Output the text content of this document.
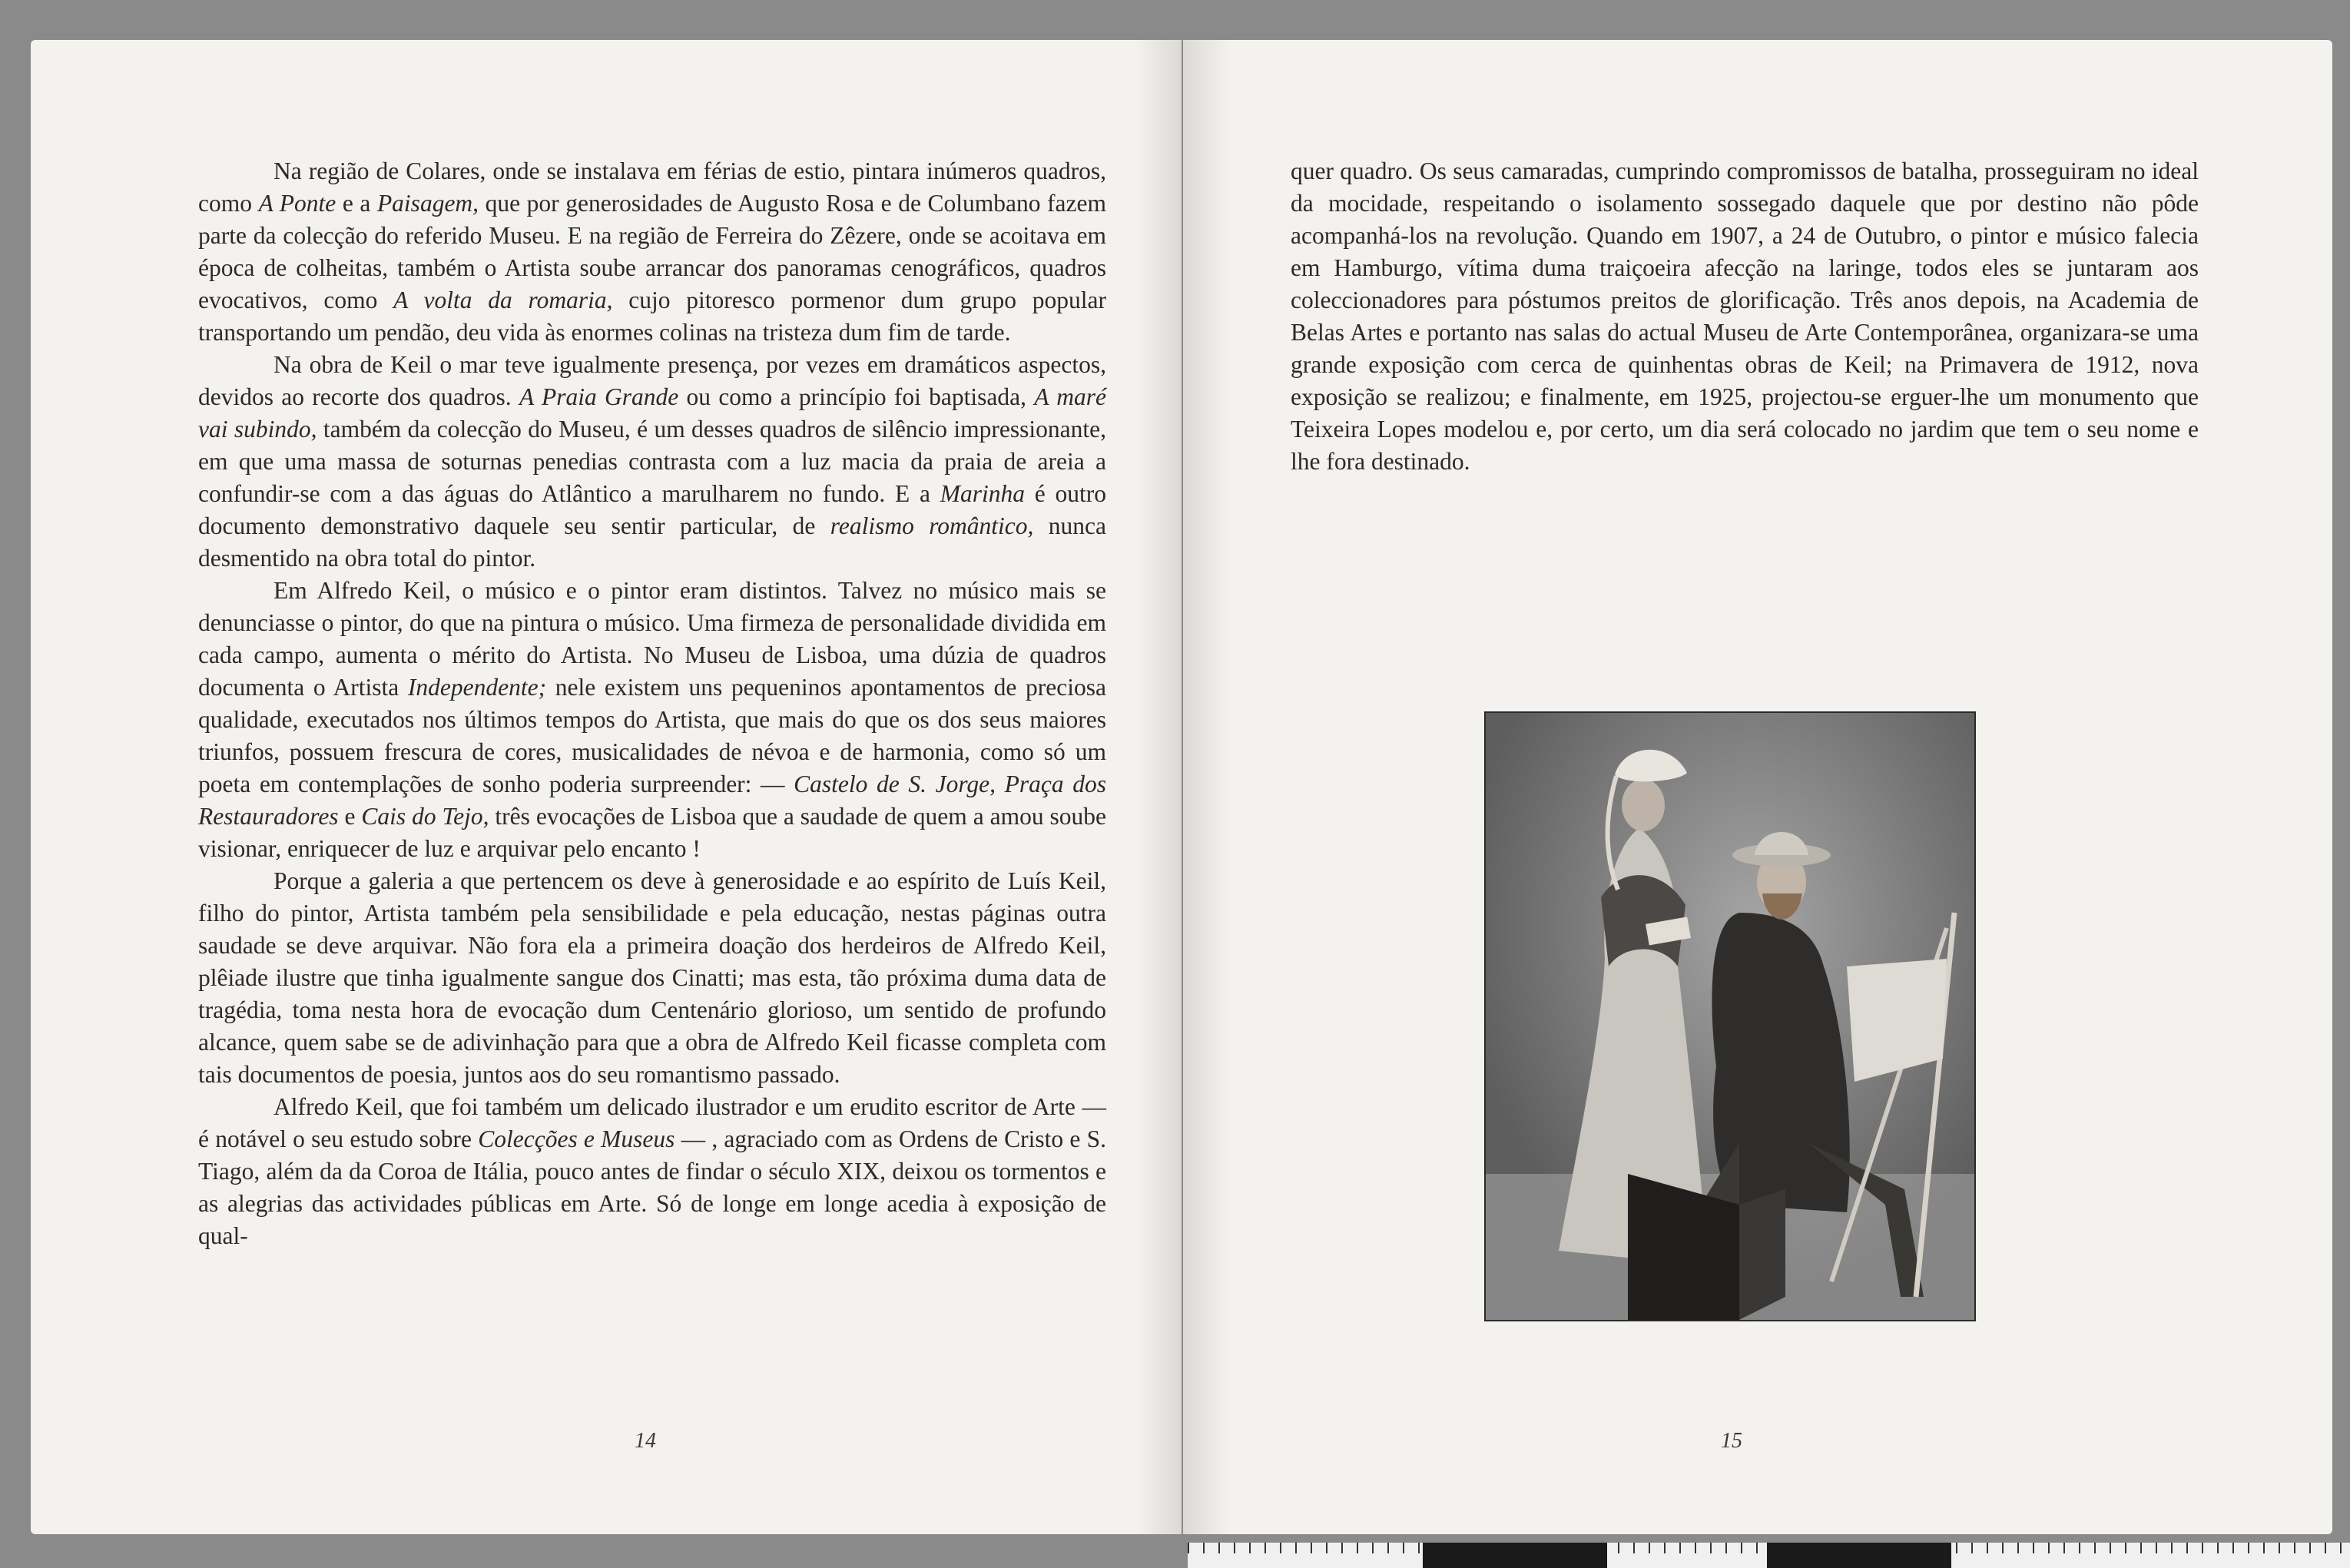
Na região de Colares, onde se instalava em férias de estio, pintara inúmeros quadros, como A Ponte e a Paisagem, que por generosidades de Augusto Rosa e de Columbano fazem parte da colecção do referido Museu. E na região de Ferreira do Zêzere, onde se acoitava em época de colheitas, também o Artista soube arrancar dos panoramas cenográficos, quadros evocativos, como A volta da romaria, cujo pitoresco pormenor dum grupo popular transportando um pendão, deu vida às enormes colinas na tristeza dum fim de tarde.

Na obra de Keil o mar teve igualmente presença, por vezes em dramáticos aspectos, devidos ao recorte dos quadros. A Praia Grande ou como a princípio foi baptisada, A maré vai subindo, também da colecção do Museu, é um desses quadros de silêncio impressionante, em que uma massa de soturnas penedias contrasta com a luz macia da praia de areia a confundir-se com a das águas do Atlântico a marulharem no fundo. E a Marinha é outro documento demonstrativo daquele seu sentir particular, de realismo romântico, nunca desmentido na obra total do pintor.

Em Alfredo Keil, o músico e o pintor eram distintos. Talvez no músico mais se denunciasse o pintor, do que na pintura o músico. Uma firmeza de personalidade dividida em cada campo, aumenta o mérito do Artista. No Museu de Lisboa, uma dúzia de quadros documenta o Artista Independente; nele existem uns pequeninos apontamentos de preciosa qualidade, executados nos últimos tempos do Artista, que mais do que os dos seus maiores triunfos, possuem frescura de cores, musicalidades de névoa e de harmonia, como só um poeta em contemplações de sonho poderia surpreender: — Castelo de S. Jorge, Praça dos Restauradores e Cais do Tejo, três evocações de Lisboa que a saudade de quem a amou soube visionar, enriquecer de luz e arquivar pelo encanto !

Porque a galeria a que pertencem os deve à generosidade e ao espírito de Luís Keil, filho do pintor, Artista também pela sensibilidade e pela educação, nestas páginas outra saudade se deve arquivar. Não fora ela a primeira doação dos herdeiros de Alfredo Keil, plêiade ilustre que tinha igualmente sangue dos Cinatti; mas esta, tão próxima duma data de tragédia, toma nesta hora de evocação dum Centenário glorioso, um sentido de profundo alcance, quem sabe se de adivinhação para que a obra de Alfredo Keil ficasse completa com tais documentos de poesia, juntos aos do seu romantismo passado.

Alfredo Keil, que foi também um delicado ilustrador e um erudito escritor de Arte — é notável o seu estudo sobre Colecções e Museus — , agraciado com as Ordens de Cristo e S. Tiago, além da da Coroa de Itália, pouco antes de findar o século XIX, deixou os tormentos e as alegrias das actividades públicas em Arte. Só de longe em longe acedia à exposição de qual-

14

quer quadro. Os seus camaradas, cumprindo compromissos de batalha, prosseguiram no ideal da mocidade, respeitando o isolamento sossegado daquele que por destino não pôde acompanhá-los na revolução. Quando em 1907, a 24 de Outubro, o pintor e músico falecia em Hamburgo, vítima duma traiçoeira afecção na laringe, todos eles se juntaram aos coleccionadores para póstumos preitos de glorificação. Três anos depois, na Academia de Belas Artes e portanto nas salas do actual Museu de Arte Contemporânea, organizara-se uma grande exposição com cerca de quinhentas obras de Keil; na Primavera de 1912, nova exposição se realizou; e finalmente, em 1925, projectou-se erguer-lhe um monumento que Teixeira Lopes modelou e, por certo, um dia será colocado no jardim que tem o seu nome e lhe fora destinado.

15
